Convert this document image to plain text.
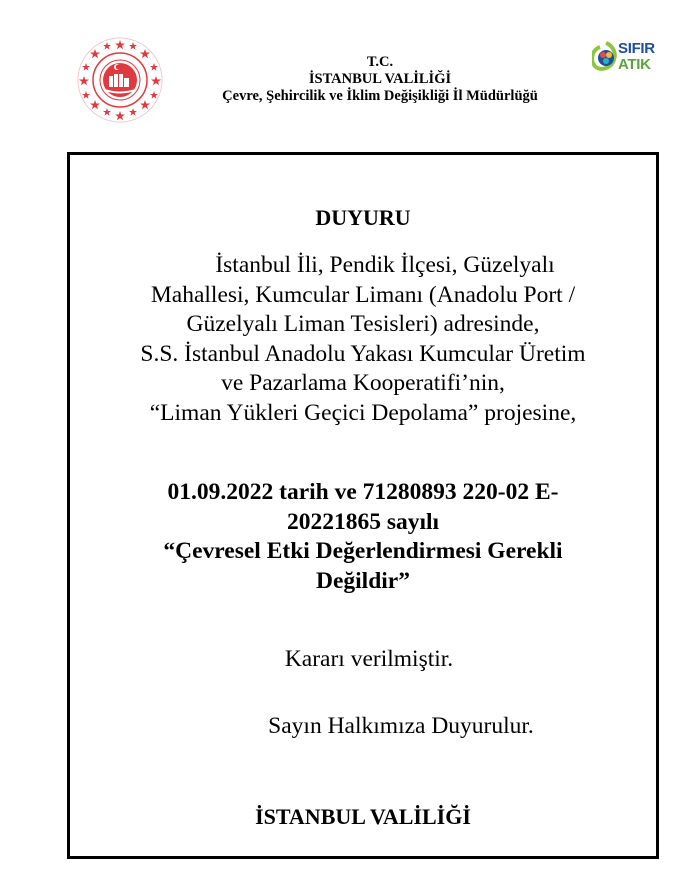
T.C.
İSTANBUL VALİLİĞİ
Çevre, Şehircilik ve İklim Değişikliği İl Müdürlüğü
SIFIR
ATIK
DUYURU
İstanbul İli, Pendik İlçesi, Güzelyalı
Mahallesi, Kumcular Limanı (Anadolu Port /
Güzelyalı Liman Tesisleri) adresinde,
S.S. İstanbul Anadolu Yakası Kumcular Üretim
ve Pazarlama Kooperatifi’nin,
“Liman Yükleri Geçici Depolama” projesine,
01.09.2022 tarih ve 71280893 220-02 E-
20221865 sayılı
“Çevresel Etki Değerlendirmesi Gerekli
Değildir”
Kararı verilmiştir.
Sayın Halkımıza Duyurulur.
İSTANBUL VALİLİĞİ
